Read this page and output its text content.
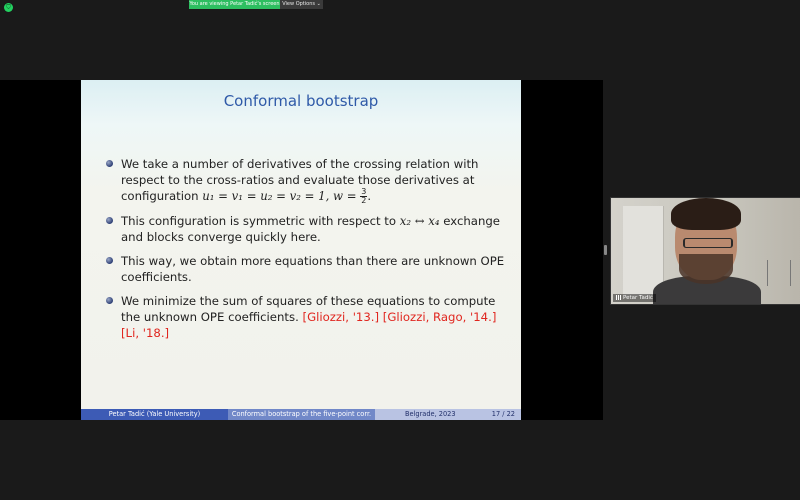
⛉	You are viewing Petar Tadić's screen View Options ⌄
Conformal bootstrap
We take a number of derivatives of the crossing relation with respect to the cross-ratios and evaluate those derivatives at configuration u₁ = v₁ = u₂ = v₂ = 1, $w = \frac{3}{2}$ .
This configuration is symmetric with respect to x₂ ↔ x₄ exchange and blocks converge quickly here.
This way, we obtain more equations than there are unknown OPE coefficients.
We minimize the sum of squares of these equations to compute the unknown OPE coefficients. [Gliozzi, '13.] [Gliozzi, Rago, '14.] [Li, '18.]
Petar Tadić (Yale University)	Conformal bootstrap of the five-point corr.	Belgrade, 2023	17 / 22
Petar Tadić
